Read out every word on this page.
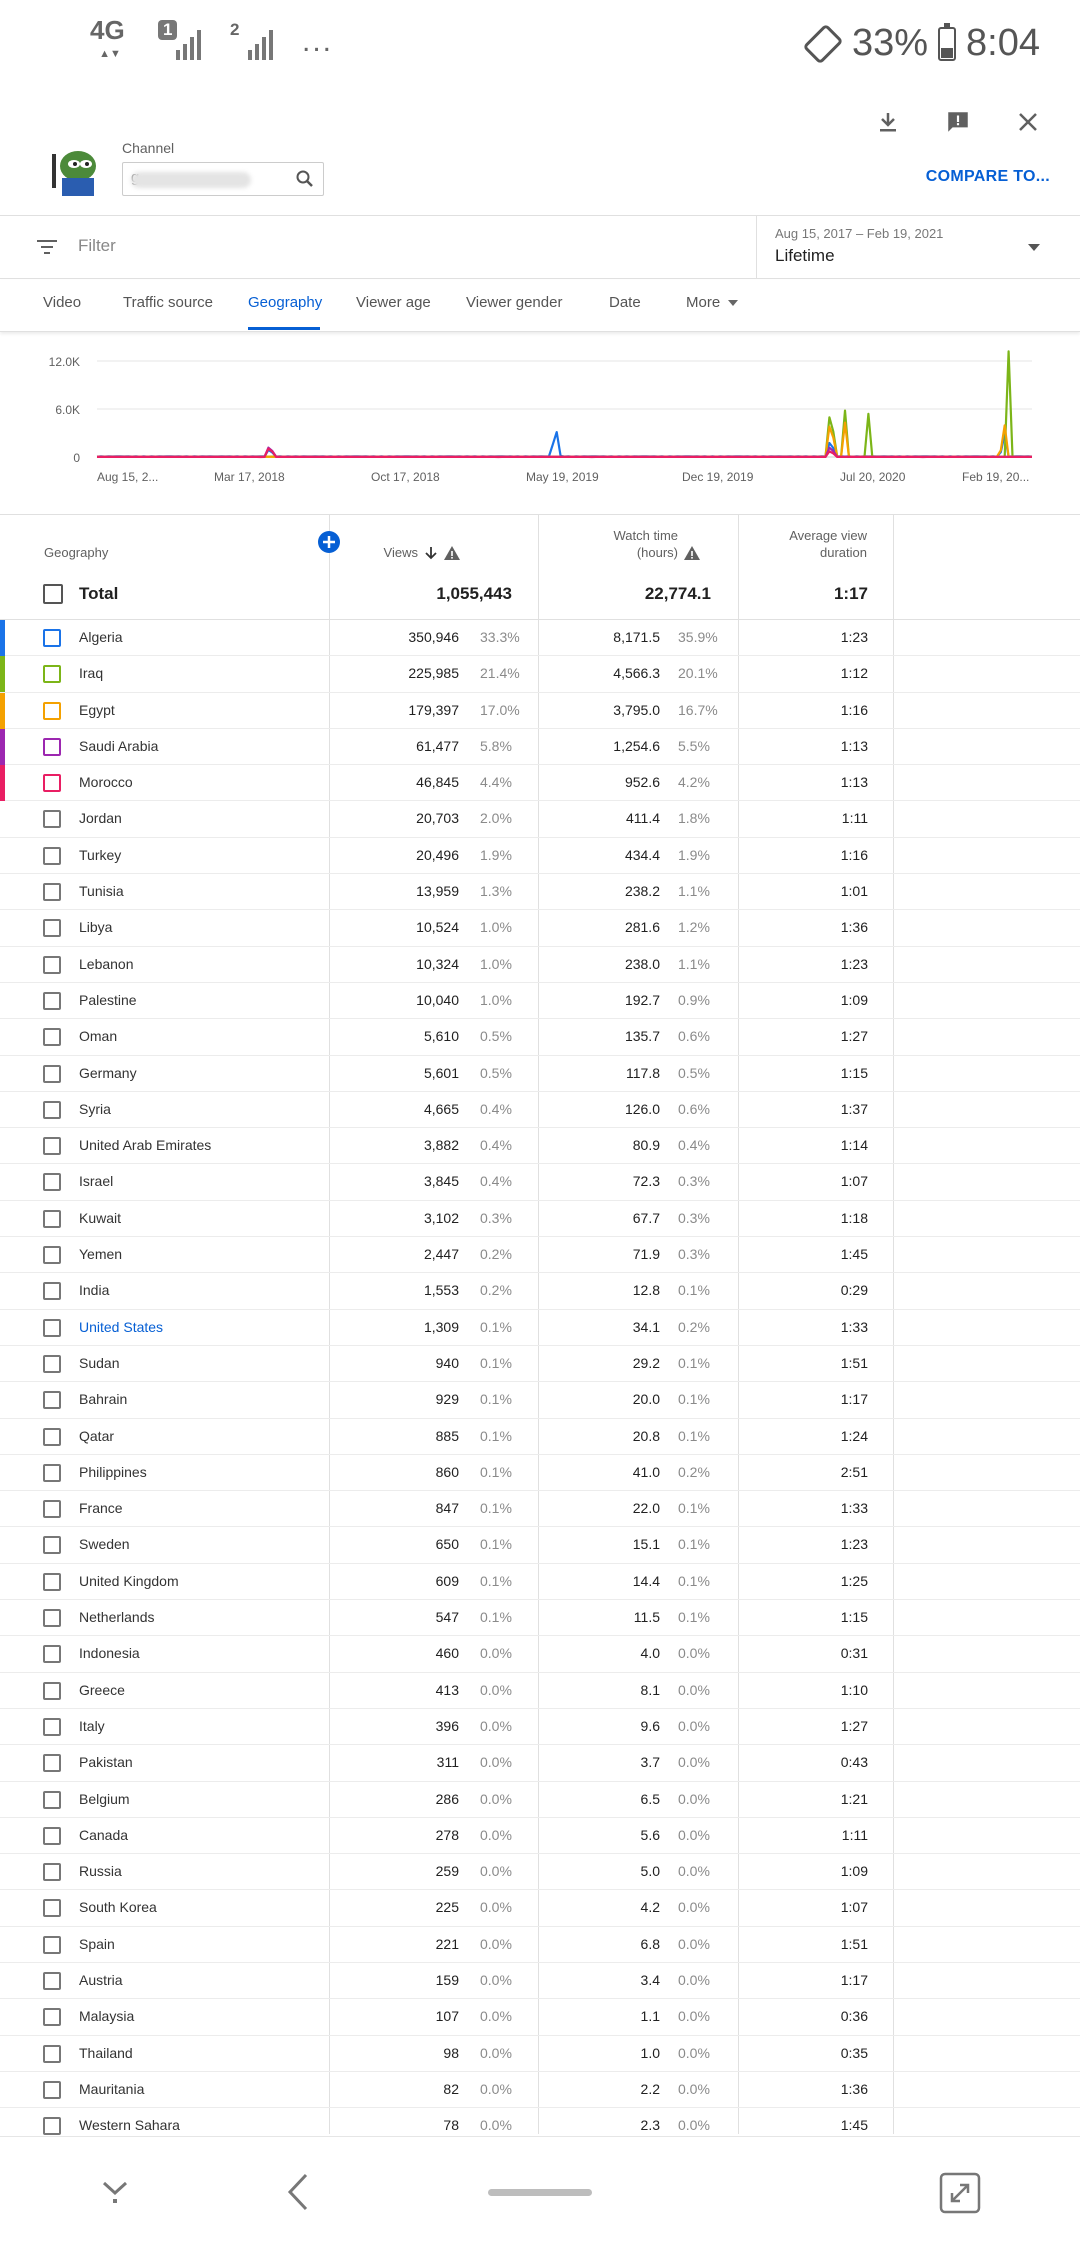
4G
▲▼
1	2 ...	33% 8:04
Channel
COMPARE TO...
Filter
Aug 15, 2017 – Feb 19, 2021
Lifetime
Video	Traffic source Geography Viewer age Viewer gender	Date	More
12.0K
6.0K
0
Aug 15, 2...	Mar 17, 2018	Oct 17, 2018	May 19, 2019	Dec 19, 2019	Jul 20, 2020	Feb 19, 20...
Geography	Views
Watch time
(hours)
Average view
duration
Total	1,055,443	22,774.1	1:17
Algeria	350,946 33.3%	8,171.5 35.9%	1:23
Iraq	225,985 21.4%	4,566.3 20.1%	1:12
Egypt	179,397 17.0%	3,795.0 16.7%	1:16
Saudi Arabia	61,477 5.8%	1,254.6 5.5%	1:13
Morocco	46,845 4.4%	952.6 4.2%	1:13
Jordan	20,703 2.0%	411.4 1.8%	1:11
Turkey	20,496 1.9%	434.4 1.9%	1:16
Tunisia	13,959 1.3%	238.2 1.1%	1:01
Libya	10,524 1.0%	281.6 1.2%	1:36
Lebanon	10,324 1.0%	238.0 1.1%	1:23
Palestine	10,040 1.0%	192.7 0.9%	1:09
Oman	5,610 0.5%	135.7 0.6%	1:27
Germany	5,601 0.5%	117.8 0.5%	1:15
Syria	4,665 0.4%	126.0 0.6%	1:37
United Arab Emirates	3,882 0.4%	80.9 0.4%	1:14
Israel	3,845 0.4%	72.3 0.3%	1:07
Kuwait	3,102 0.3%	67.7 0.3%	1:18
Yemen	2,447 0.2%	71.9 0.3%	1:45
India	1,553 0.2%	12.8 0.1%	0:29
United States	1,309 0.1%	34.1 0.2%	1:33
Sudan	940 0.1%	29.2 0.1%	1:51
Bahrain	929 0.1%	20.0 0.1%	1:17
Qatar	885 0.1%	20.8 0.1%	1:24
Philippines	860 0.1%	41.0 0.2%	2:51
France	847 0.1%	22.0 0.1%	1:33
Sweden	650 0.1%	15.1 0.1%	1:23
United Kingdom	609 0.1%	14.4 0.1%	1:25
Netherlands	547 0.1%	11.5 0.1%	1:15
Indonesia	460 0.0%	4.0 0.0%	0:31
Greece	413 0.0%	8.1 0.0%	1:10
Italy	396 0.0%	9.6 0.0%	1:27
Pakistan	311 0.0%	3.7 0.0%	0:43
Belgium	286 0.0%	6.5 0.0%	1:21
Canada	278 0.0%	5.6 0.0%	1:11
Russia	259 0.0%	5.0 0.0%	1:09
South Korea	225 0.0%	4.2 0.0%	1:07
Spain	221 0.0%	6.8 0.0%	1:51
Austria	159 0.0%	3.4 0.0%	1:17
Malaysia	107 0.0%	1.1 0.0%	0:36
Thailand	98 0.0%	1.0 0.0%	0:35
Mauritania	82 0.0%	2.2 0.0%	1:36
Western Sahara	78 0.0%	2.3 0.0%	1:45
